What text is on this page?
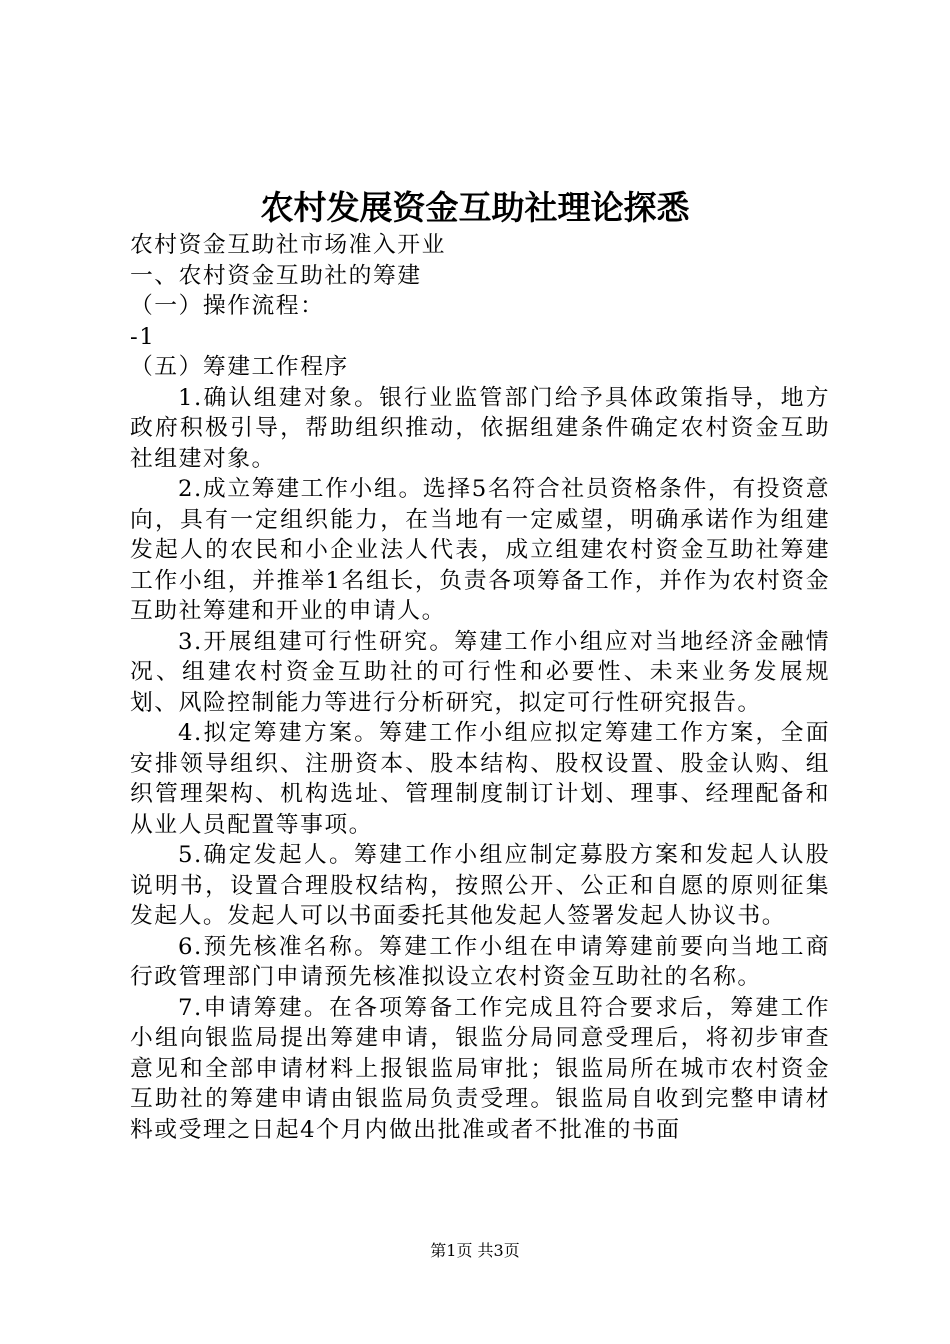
农村发展资金互助社理论探悉

农村资金互助社市场准入开业

一、农村资金互助社的筹建

（一）操作流程：

-1

（五）筹建工作程序

1.确认组建对象。银行业监管部门给予具体政策指导，地方政府积极引导，帮助组织推动，依据组建条件确定农村资金互助社组建对象。

2.成立筹建工作小组。选择5名符合社员资格条件，有投资意向，具有一定组织能力，在当地有一定威望，明确承诺作为组建发起人的农民和小企业法人代表，成立组建农村资金互助社筹建工作小组，并推举1名组长，负责各项筹备工作，并作为农村资金互助社筹建和开业的申请人。

3.开展组建可行性研究。筹建工作小组应对当地经济金融情况、组建农村资金互助社的可行性和必要性、未来业务发展规划、风险控制能力等进行分析研究，拟定可行性研究报告。

4.拟定筹建方案。筹建工作小组应拟定筹建工作方案，全面安排领导组织、注册资本、股本结构、股权设置、股金认购、组织管理架构、机构选址、管理制度制订计划、理事、经理配备和从业人员配置等事项。

5.确定发起人。筹建工作小组应制定募股方案和发起人认股说明书，设置合理股权结构，按照公开、公正和自愿的原则征集发起人。发起人可以书面委托其他发起人签署发起人协议书。

6.预先核准名称。筹建工作小组在申请筹建前要向当地工商行政管理部门申请预先核准拟设立农村资金互助社的名称。

7.申请筹建。在各项筹备工作完成且符合要求后，筹建工作小组向银监局提出筹建申请，银监分局同意受理后，将初步审查意见和全部申请材料上报银监局审批；银监局所在城市农村资金互助社的筹建申请由银监局负责受理。银监局自收到完整申请材料或受理之日起4个月内做出批准或者不批准的书面

第1页 共3页
